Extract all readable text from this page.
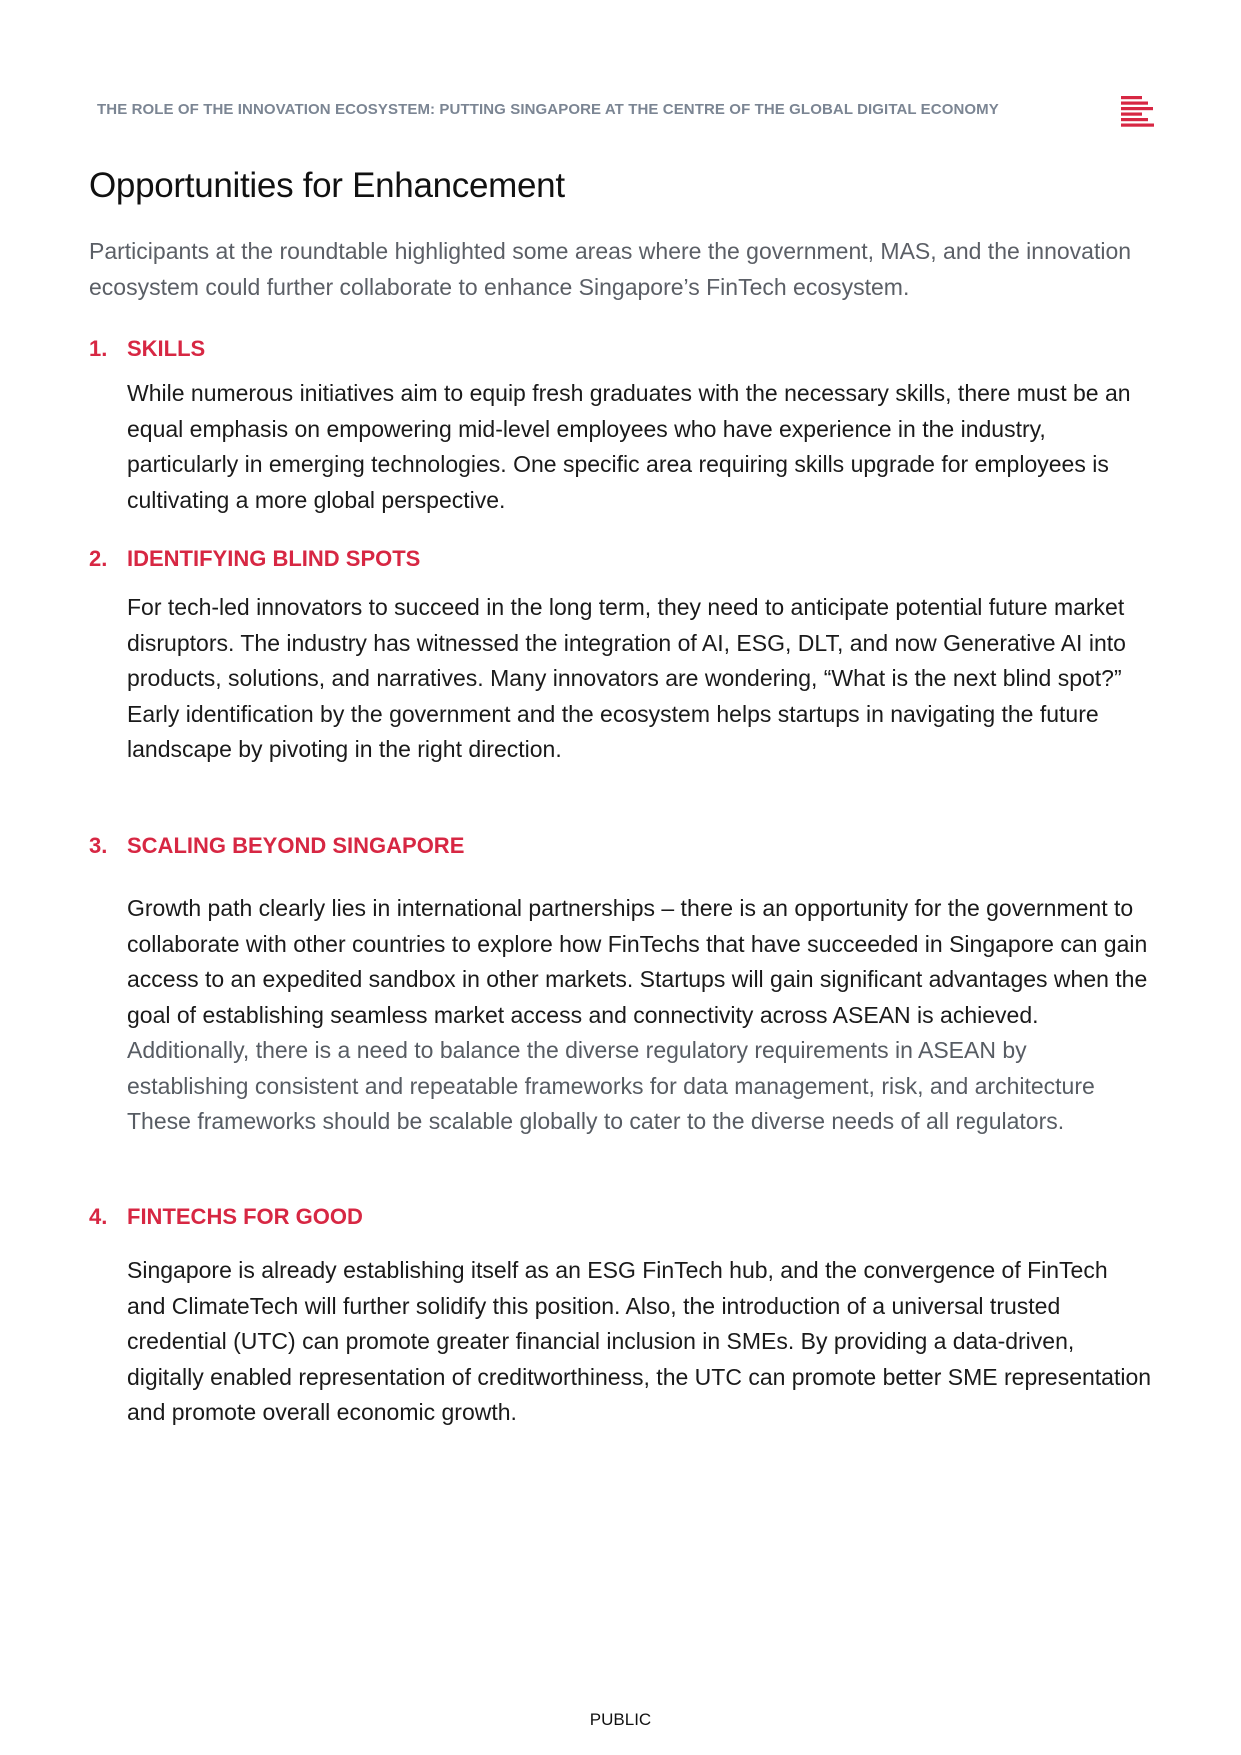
THE ROLE OF THE INNOVATION ECOSYSTEM: PUTTING SINGAPORE AT THE CENTRE OF THE GLOBAL DIGITAL ECONOMY
Opportunities for Enhancement

Participants at the roundtable highlighted some areas where the government, MAS, and the innovation ecosystem could further collaborate to enhance Singapore’s FinTech ecosystem.

1. SKILLS

While numerous initiatives aim to equip fresh graduates with the necessary skills, there must be an equal emphasis on empowering mid-level employees who have experience in the industry, particularly in emerging technologies. One specific area requiring skills upgrade for employees is cultivating a more global perspective.

2. IDENTIFYING BLIND SPOTS

For tech-led innovators to succeed in the long term, they need to anticipate potential future market disruptors. The industry has witnessed the integration of AI, ESG, DLT, and now Generative AI into products, solutions, and narratives. Many innovators are wondering, “What is the next blind spot?” Early identification by the government and the ecosystem helps startups in navigating the future landscape by pivoting in the right direction.

3. SCALING BEYOND SINGAPORE

Growth path clearly lies in international partnerships – there is an opportunity for the government to collaborate with other countries to explore how FinTechs that have succeeded in Singapore can gain access to an expedited sandbox in other markets. Startups will gain significant advantages when the goal of establishing seamless market access and connectivity across ASEAN is achieved. Additionally, there is a need to balance the diverse regulatory requirements in ASEAN by establishing consistent and repeatable frameworks for data management, risk, and architecture These frameworks should be scalable globally to cater to the diverse needs of all regulators.

4. FINTECHS FOR GOOD

Singapore is already establishing itself as an ESG FinTech hub, and the convergence of FinTech and ClimateTech will further solidify this position. Also, the introduction of a universal trusted credential (UTC) can promote greater financial inclusion in SMEs. By providing a data-driven, digitally enabled representation of creditworthiness, the UTC can promote better SME representation and promote overall economic growth.

PUBLIC
